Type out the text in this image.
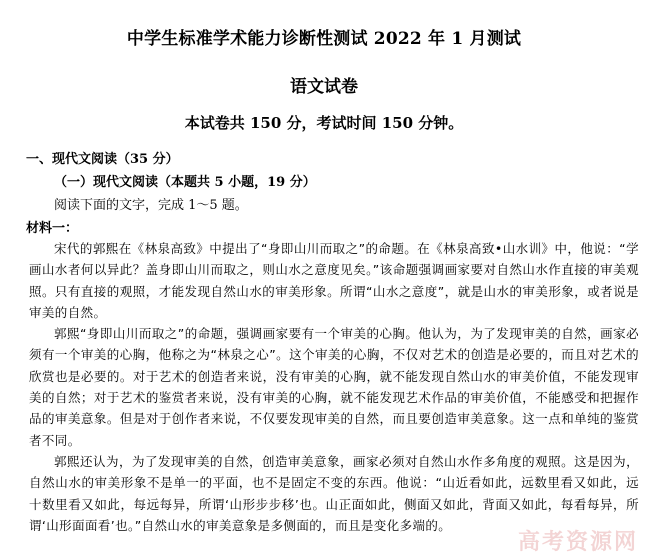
中学生标准学术能力诊断性测试 2022 年 1 月测试
语文试卷
本试卷共 150 分，考试时间 150 分钟。
一、现代文阅读（35 分）
（一）现代文阅读（本题共 5 小题，19 分）
阅读下面的文字，完成 1～5 题。
材料一：

宋代的郭熙在《林泉高致》中提出了“身即山川而取之”的命题。在《林泉高致•山水训》中，他说：“学画山水者何以异此？盖身即山川而取之，则山水之意度见矣。”该命题强调画家要对自然山水作直接的审美观照。只有直接的观照，才能发现自然山水的审美形象。所谓“山水之意度”，就是山水的审美形象，或者说是审美的自然。

郭熙“身即山川而取之”的命题，强调画家要有一个审美的心胸。他认为，为了发现审美的自然，画家必须有一个审美的心胸，他称之为“林泉之心”。这个审美的心胸，不仅对艺术的创造是必要的，而且对艺术的欣赏也是必要的。对于艺术的创造者来说，没有审美的心胸，就不能发现自然山水的审美价值，不能发现审美的自然；对于艺术的鉴赏者来说，没有审美的心胸，就不能发现艺术作品的审美价值，不能感受和把握作品的审美意象。但是对于创作者来说，不仅要发现审美的自然，而且要创造审美意象。这一点和单纯的鉴赏者不同。

郭熙还认为，为了发现审美的自然，创造审美意象，画家必须对自然山水作多角度的观照。这是因为，自然山水的审美形象不是单一的平面，也不是固定不变的东西。他说：“山近看如此，远数里看又如此，远十数里看又如此，每远每异，所谓‘山形步步移’也。山正面如此，侧面又如此，背面又如此，每看每异，所谓‘山形面面看’也。”自然山水的审美意象是多侧面的，而且是变化多端的。

高考资源网
